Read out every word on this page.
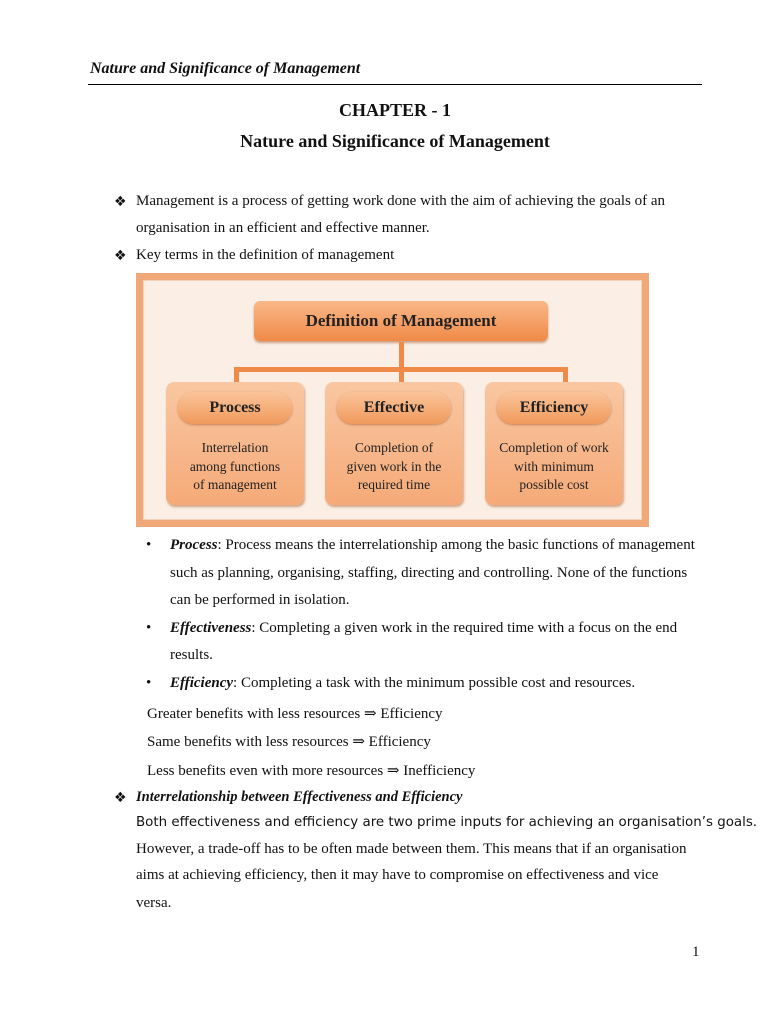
Nature and Significance of Management
CHAPTER - 1
Nature and Significance of Management
❖ Management is a process of getting work done with the aim of achieving the goals of an
organisation in an efficient and effective manner.
❖ Key terms in the definition of management
Definition of Management
Process
Interrelation
among functions
of management
Effective
Completion of
given work in the
required time
Efficiency
Completion of work
with minimum
possible cost
• Process: Process means the interrelationship among the basic functions of management
such as planning, organising, staffing, directing and controlling. None of the functions
can be performed in isolation.
• Effectiveness: Completing a given work in the required time with a focus on the end
results.
• Efficiency: Completing a task with the minimum possible cost and resources.
Greater benefits with less resources ⇒ Efficiency
Same benefits with less resources ⇒ Efficiency
Less benefits even with more resources ⇒ Inefficiency
❖ Interrelationship between Effectiveness and Efficiency
Both effectiveness and efficiency are two prime inputs for achieving an organisation’s goals.
However, a trade-off has to be often made between them. This means that if an organisation
aims at achieving efficiency, then it may have to compromise on effectiveness and vice
versa.
1
